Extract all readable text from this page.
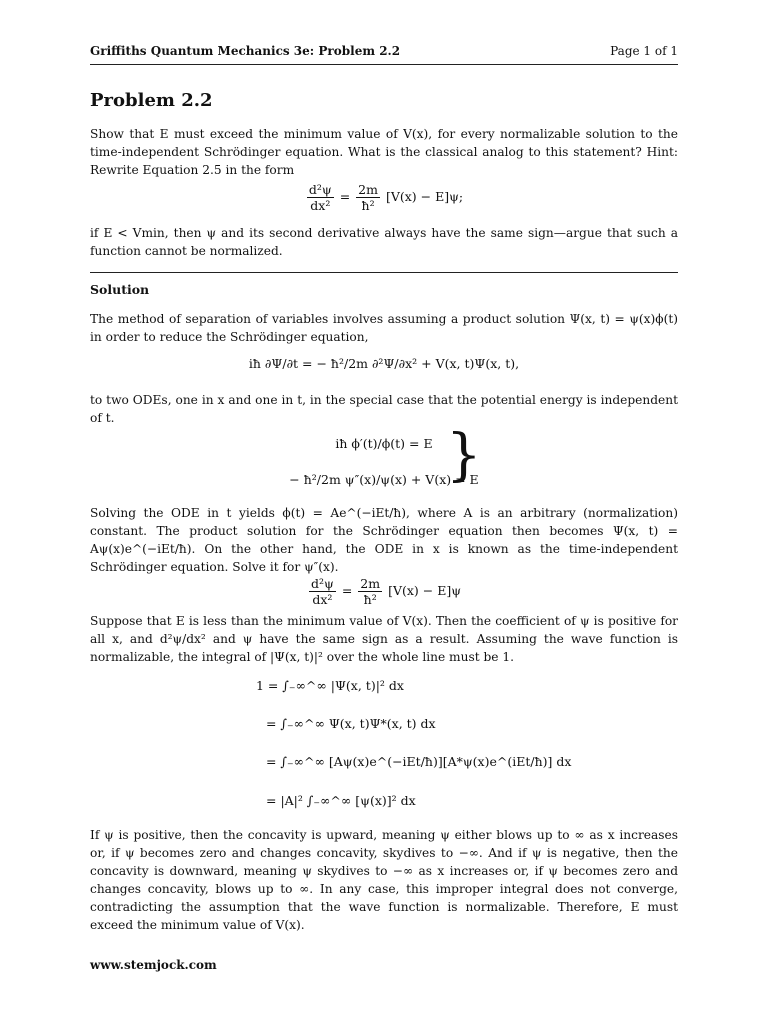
Griffiths Quantum Mechanics 3e: Problem 2.2	Page 1 of 1
Problem 2.2
Show that E must exceed the minimum value of V(x), for every normalizable solution to the time-independent Schrödinger equation. What is the classical analog to this statement? Hint: Rewrite Equation 2.5 in the form
$\frac{\text{d²ψ}}{\text{dx²}} = \frac{2m}{\text{ħ²}} [V(x) - E]\psi$;
if E < Vmin, then ψ and its second derivative always have the same sign—argue that such a function cannot be normalized.
Solution
The method of separation of variables involves assuming a product solution Ψ(x, t) = ψ(x)ϕ(t) in order to reduce the Schrödinger equation,
iħ ∂Ψ/∂t = − ħ²/2m ∂²Ψ/∂x² + V(x, t)Ψ(x, t),
to two ODEs, one in x and one in t, in the special case that the potential energy is independent of t.
iħ ϕ′(t)/ϕ(t) = E
− ħ²/2m ψ″(x)/ψ(x) + V(x) = E
}
Solving the ODE in t yields ϕ(t) = Ae^(−iEt/ħ), where A is an arbitrary (normalization) constant. The product solution for the Schrödinger equation then becomes Ψ(x, t) = Aψ(x)e^(−iEt/ħ). On the other hand, the ODE in x is known as the time-independent Schrödinger equation. Solve it for ψ″(x).
$\frac{\text{d²ψ}}{\text{dx²}} = \frac{2m}{\text{ħ²}} [V(x) - E]\psi$
Suppose that E is less than the minimum value of V(x). Then the coefficient of ψ is positive for all x, and d²ψ/dx² and ψ have the same sign as a result. Assuming the wave function is normalizable, the integral of |Ψ(x, t)|² over the whole line must be 1.
1 = ∫₋∞^∞ |Ψ(x, t)|² dx
= ∫₋∞^∞ Ψ(x, t)Ψ*(x, t) dx
= ∫₋∞^∞ [Aψ(x)e^(−iEt/ħ)][A*ψ(x)e^(iEt/ħ)] dx
= |A|² ∫₋∞^∞ [ψ(x)]² dx
If ψ is positive, then the concavity is upward, meaning ψ either blows up to ∞ as x increases or, if ψ becomes zero and changes concavity, skydives to −∞. And if ψ is negative, then the concavity is downward, meaning ψ skydives to −∞ as x increases or, if ψ becomes zero and changes concavity, blows up to ∞. In any case, this improper integral does not converge, contradicting the assumption that the wave function is normalizable. Therefore, E must exceed the minimum value of V(x).
www.stemjock.com
